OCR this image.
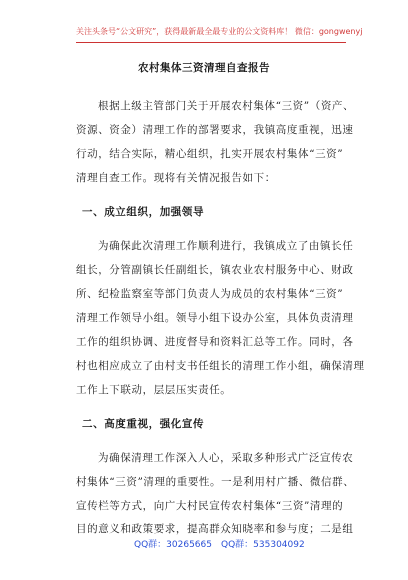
关注头条号“公文研究”，获得最新最全最专业的公文资料库！ 微信：gongwenyj
农村集体三资清理自查报告
根据上级主管部门关于开展农村集体“三资”（资产、
资源、资金）清理工作的部署要求，我镇高度重视，迅速
行动，结合实际，精心组织，扎实开展农村集体“三资”
清理自查工作。现将有关情况报告如下：
一、成立组织，加强领导
为确保此次清理工作顺利进行，我镇成立了由镇长任
组长，分管副镇长任副组长，镇农业农村服务中心、财政
所、纪检监察室等部门负责人为成员的农村集体“三资”
清理工作领导小组。领导小组下设办公室，具体负责清理
工作的组织协调、进度督导和资料汇总等工作。同时，各
村也相应成立了由村支书任组长的清理工作小组，确保清理
工作上下联动，层层压实责任。
二、高度重视，强化宣传
为确保清理工作深入人心，采取多种形式广泛宣传农
村集体“三资”清理的重要性。一是利用村广播、微信群、
宣传栏等方式，向广大村民宣传农村集体“三资”清理的
目的意义和政策要求，提高群众知晓率和参与度；二是组
QQ群：30265665 QQ群：535304092
